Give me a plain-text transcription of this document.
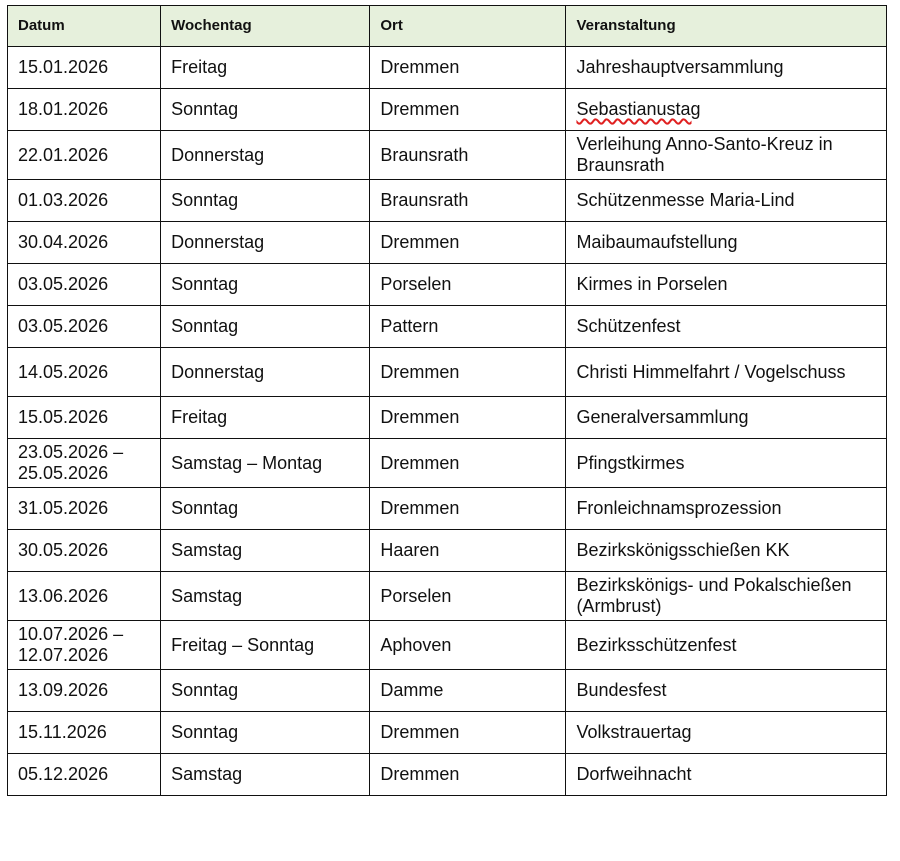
Datum	Wochentag	Ort	Veranstaltung
15.01.2026	Freitag	Dremmen	Jahreshauptversammlung
18.01.2026	Sonntag	Dremmen	Sebastianustag
22.01.2026	Donnerstag	Braunsrath	Verleihung Anno-Santo-Kreuz in Braunsrath
01.03.2026	Sonntag	Braunsrath	Schützenmesse Maria-Lind
30.04.2026	Donnerstag	Dremmen	Maibaumaufstellung
03.05.2026	Sonntag	Porselen	Kirmes in Porselen
03.05.2026	Sonntag	Pattern	Schützenfest
14.05.2026	Donnerstag	Dremmen	Christi Himmelfahrt / Vogelschuss
15.05.2026	Freitag	Dremmen	Generalversammlung
23.05.2026 – 25.05.2026	Samstag – Montag	Dremmen	Pfingstkirmes
31.05.2026	Sonntag	Dremmen	Fronleichnamsprozession
30.05.2026	Samstag	Haaren	Bezirkskönigsschießen KK
13.06.2026	Samstag	Porselen	Bezirkskönigs- und Pokalschießen (Armbrust)
10.07.2026 – 12.07.2026	Freitag – Sonntag	Aphoven	Bezirksschützenfest
13.09.2026	Sonntag	Damme	Bundesfest
15.11.2026	Sonntag	Dremmen	Volkstrauertag
05.12.2026	Samstag	Dremmen	Dorfweihnacht
